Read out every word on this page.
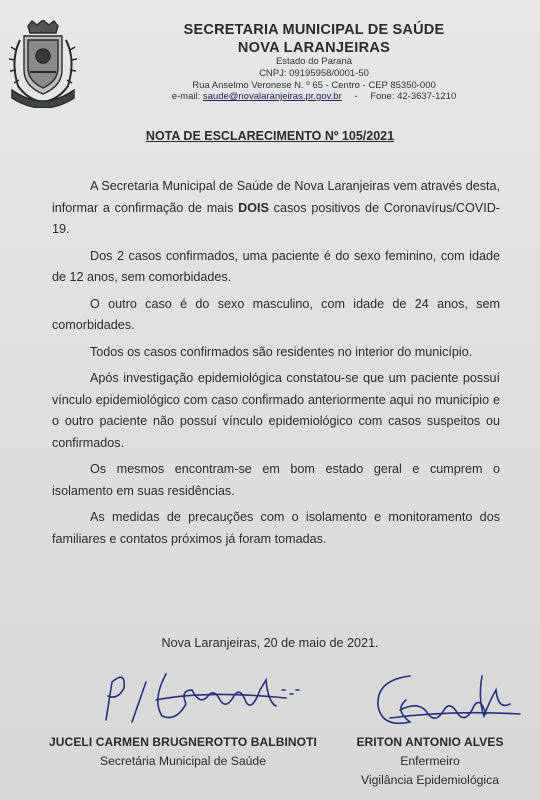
SECRETARIA MUNICIPAL DE SAÚDE
NOVA LARANJEIRAS
Estado do Paraná
CNPJ: 09195958/0001-50
Rua Anselmo Veronese N. º 65 - Centro - CEP 85350-000
e-mail: saude@novalaranjeiras.pr.gov.br - Fone: 42-3637-1210
NOTA DE ESCLARECIMENTO Nº 105/2021

A Secretaria Municipal de Saúde de Nova Laranjeiras vem através desta, informar a confirmação de mais DOIS casos positivos de Coronavírus/COVID-19.

Dos 2 casos confirmados, uma paciente é do sexo feminino, com idade de 12 anos, sem comorbidades.

O outro caso é do sexo masculino, com idade de 24 anos, sem comorbidades.

Todos os casos confirmados são residentes no interior do município.

Após investigação epidemiológica constatou-se que um paciente possuí vínculo epidemiológico com caso confirmado anteriormente aqui no município e o outro paciente não possuí vínculo epidemiológico com casos suspeitos ou confirmados.

Os mesmos encontram-se em bom estado geral e cumprem o isolamento em suas residências.

As medidas de precauções com o isolamento e monitoramento dos familiares e contatos próximos já foram tomadas.

Nova Laranjeiras, 20 de maio de 2021.
JUCELI CARMEN BRUGNEROTTO BALBINOTI
Secretária Municipal de Saúde
ERITON ANTONIO ALVES
Enfermeiro
Vigilância Epidemiológica
